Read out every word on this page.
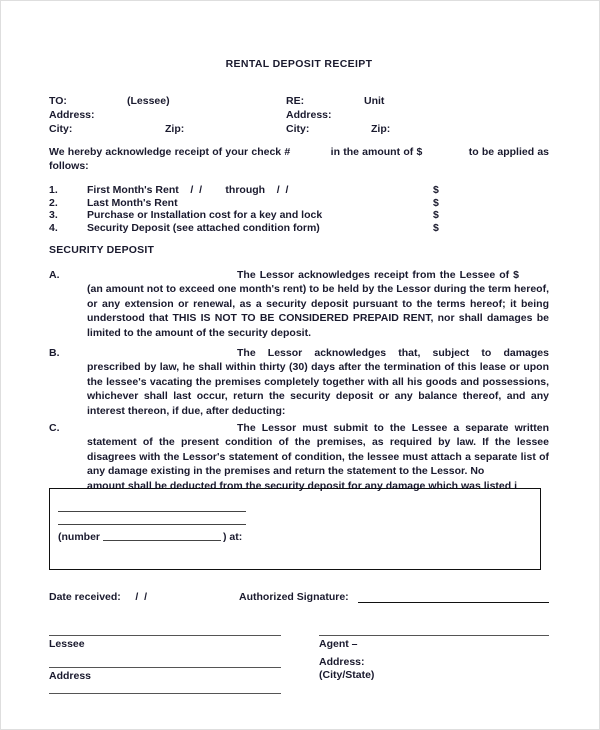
RENTAL DEPOSIT RECEIPT
TO:	(Lessee)	RE:	Unit
Address:	Address:
City:	Zip:	City:	Zip:
We hereby acknowledge receipt of your check #	in the amount of $	to be applied as follows:
1.	First Month's Rent    /  /        through    /  /	$
2.	Last Month's Rent	$
3.	Purchase or Installation cost for a key and lock	$
4.	Security Deposit (see attached condition form)	$
SECURITY DEPOSIT
A.	The Lessor acknowledges receipt from the Lessee of $(an amount not to exceed one month's rent) to be held by the Lessor during the term hereof, or any extension or renewal, as a security deposit pursuant to the terms hereof; it being understood that THIS IS NOT TO BE CONSIDERED PREPAID RENT, nor shall damages be limited to the amount of the security deposit.
B.	The Lessor acknowledges that, subject to damages prescribed by law, he shall within thirty (30) days after the termination of this lease or upon the lessee's vacating the premises completely together with all his goods and possessions, whichever shall last occur, return the security deposit or any balance thereof, and any interest thereon, if due, after deducting:
C.	The Lessor must submit to the Lessee a separate written statement of the present condition of the premises, as required by law. If the lessee disagrees with the Lessor's statement of condition, the lessee must attach a separate list of any damage existing in the premises and return the statement to the Lessor. No
amount shall be deducted from the security deposit for any damage which was listed i
(number	) at:
Date received:     /  /	Authorized Signature:
Lessee	Agent –
Address
Address:
(City/State)
